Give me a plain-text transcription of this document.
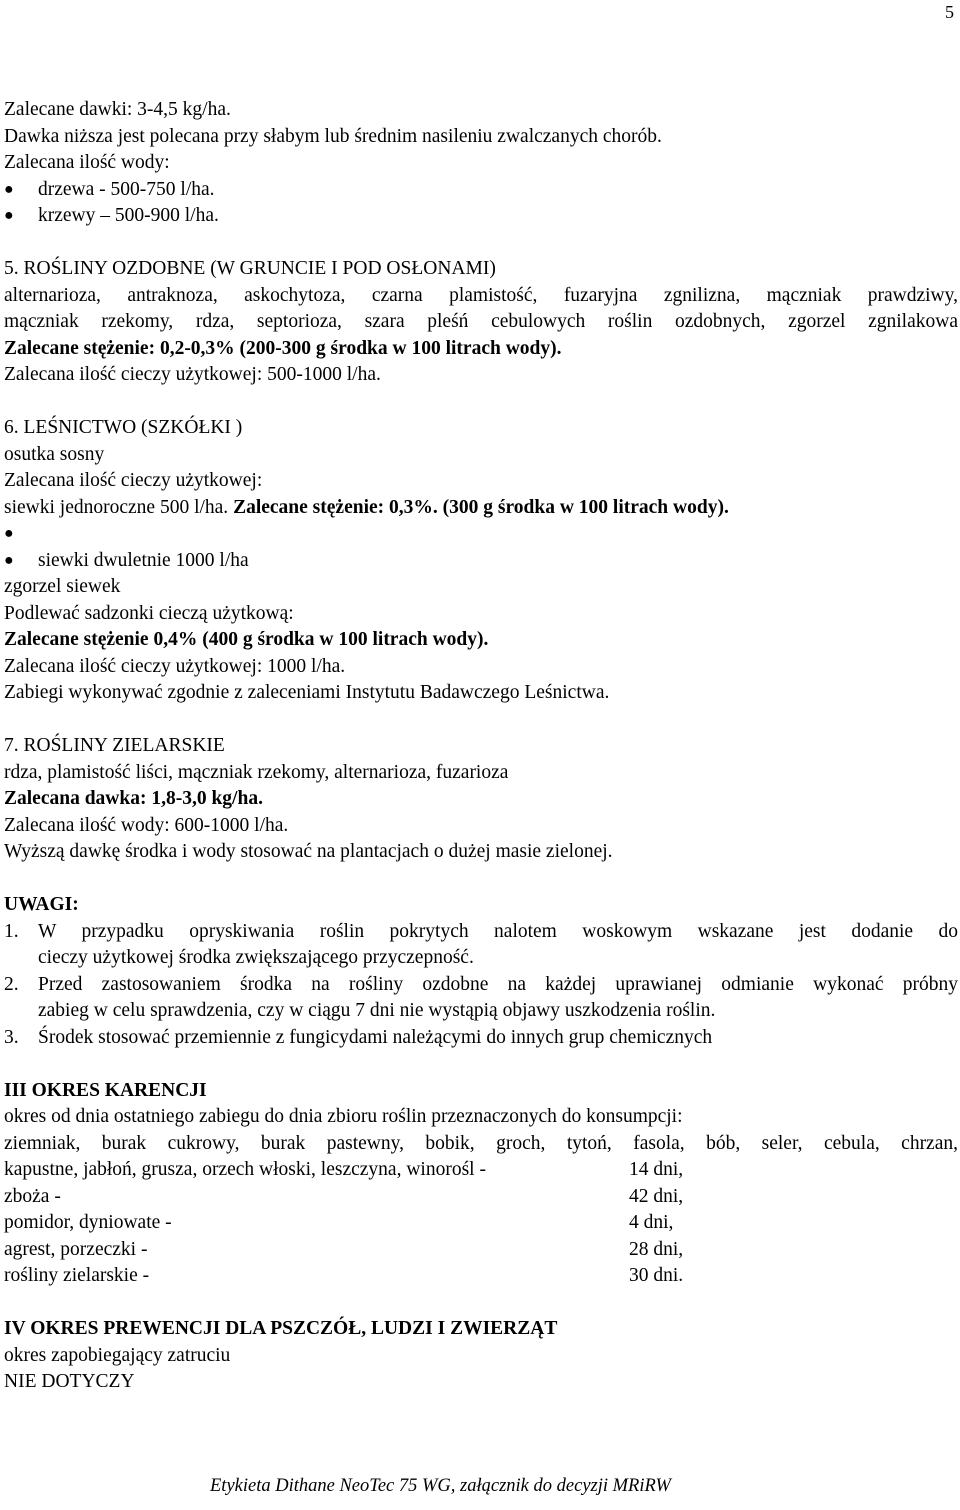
5
Zalecane dawki: 3-4,5 kg/ha.
Dawka niższa jest polecana przy słabym lub średnim nasileniu zwalczanych chorób.
Zalecana ilość wody:
●	drzewa - 500-750 l/ha.
●	krzewy – 500-900 l/ha.
5. ROŚLINY OZDOBNE (W GRUNCIE I POD OSŁONAMI)
alternarioza, antraknoza, askochytoza, czarna plamistość, fuzaryjna zgnilizna, mączniak prawdziwy,
mączniak rzekomy, rdza, septorioza, szara pleśń cebulowych roślin ozdobnych, zgorzel zgnilakowa
Zalecane stężenie: 0,2-0,3% (200-300 g środka w 100 litrach wody).
Zalecana ilość cieczy użytkowej: 500-1000 l/ha.
6. LEŚNICTWO (SZKÓŁKI )
osutka sosny
Zalecana ilość cieczy użytkowej:
siewki jednoroczne 500 l/ha. Zalecane stężenie: 0,3%. (300 g środka w 100 litrach wody).
●
●	siewki dwuletnie 1000 l/ha
zgorzel siewek
Podlewać sadzonki cieczą użytkową:
Zalecane stężenie 0,4% (400 g środka w 100 litrach wody).
Zalecana ilość cieczy użytkowej: 1000 l/ha.
Zabiegi wykonywać zgodnie z zaleceniami Instytutu Badawczego Leśnictwa.
7. ROŚLINY ZIELARSKIE
rdza, plamistość liści, mączniak rzekomy, alternarioza, fuzarioza
Zalecana dawka: 1,8-3,0 kg/ha.
Zalecana ilość wody: 600-1000 l/ha.
Wyższą dawkę środka i wody stosować na plantacjach o dużej masie zielonej.
UWAGI:
1. W przypadku opryskiwania roślin pokrytych nalotem woskowym wskazane jest dodanie do
cieczy użytkowej środka zwiększającego przyczepność.
2. Przed zastosowaniem środka na rośliny ozdobne na każdej uprawianej odmianie wykonać próbny
zabieg w celu sprawdzenia, czy w ciągu 7 dni nie wystąpią objawy uszkodzenia roślin.
3. Środek stosować przemiennie z fungicydami należącymi do innych grup chemicznych
III OKRES KARENCJI
okres od dnia ostatniego zabiegu do dnia zbioru roślin przeznaczonych do konsumpcji:
ziemniak, burak cukrowy, burak pastewny, bobik, groch, tytoń, fasola, bób, seler, cebula, chrzan,
kapustne, jabłoń, grusza, orzech włoski, leszczyna, winorośl -	14 dni,
zboża -	42 dni,
pomidor, dyniowate -	4 dni,
agrest, porzeczki -	28 dni,
rośliny zielarskie -	30 dni.
IV OKRES PREWENCJI DLA PSZCZÓŁ, LUDZI I ZWIERZĄT
okres zapobiegający zatruciu
NIE DOTYCZY
Etykieta Dithane NeoTec 75 WG, załącznik do decyzji MRiRW
